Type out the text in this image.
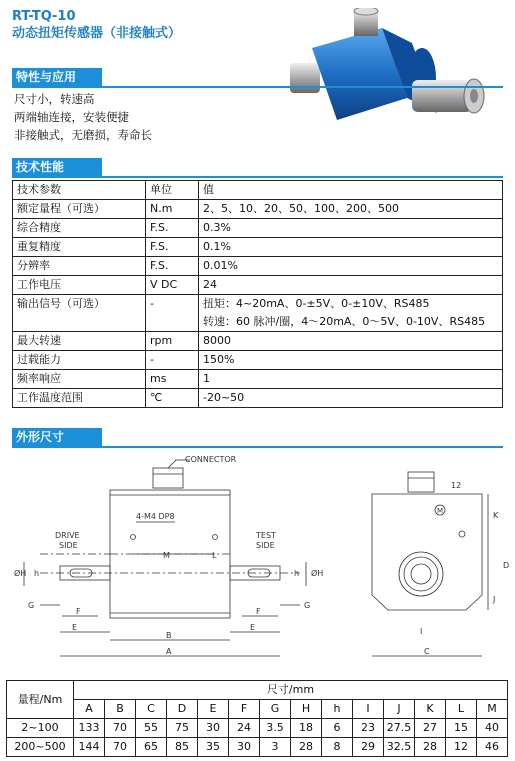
RT-TQ-10
动态扭矩传感器（非接触式）
特性与应用
尺寸小，转速高
两端轴连接，安装便捷
非接触式，无磨损，寿命长
技术性能
技术参数	单位	值
额定量程（可选）	N.m	2、5、10、20、50、100、200、500
综合精度	F.S.	0.3%
重复精度	F.S.	0.1%
分辨率	F.S.	0.01%
工作电压	V DC	24
输出信号（可选）	-	扭矩：4~20mA、0-±5V、0-±10V、RS485
转速：60 脉冲/圈，4～20mA、0～5V、0-10V、RS485

最大转速	rpm	8000
过载能力	-	150%
频率响应	ms	1
工作温度范围	℃	-20~50
外形尺寸
CONNECTOR
4-M4 DP8
DRIVE
SIDE
TEST
SIDE
M	L
ØH h	ØH
h
G	G
F	F
E	E
B
A
12
M	K
D
J
C
I
量程/Nm	尺寸/mm													
	A	B	C	D	E	F	G	H	h	I	J	K	L	M
2~100	133	70	55	75	30	24	3.5	18	6	23	27.5	27	15	40
200~500	144	70	65	85	35	30	3	28	8	29	32.5	28	12	46
